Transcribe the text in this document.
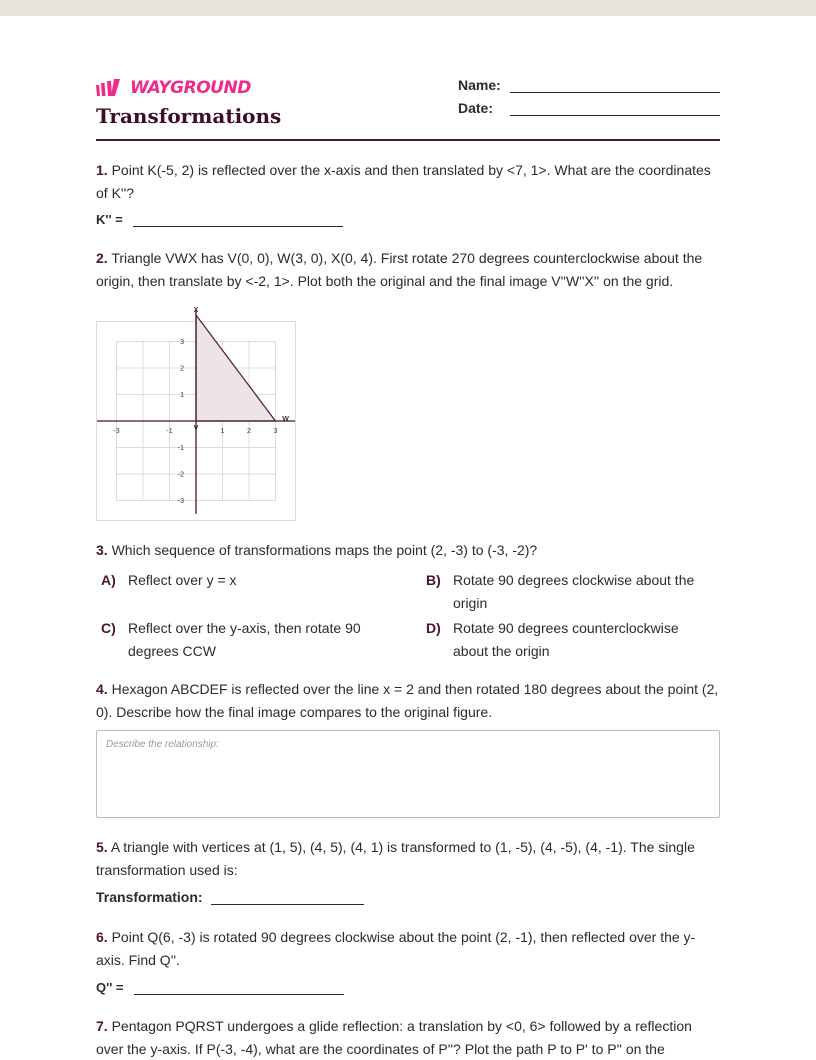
WAYGROUND
Transformations
Name:
Date:
1. Point K(-5, 2) is reflected over the x-axis and then translated by <7, 1>. What are the coordinates of K''?
K'' =
2. Triangle VWX has V(0, 0), W(3, 0), X(0, 4). First rotate 270 degrees counterclockwise about the origin, then translate by <-2, 1>. Plot both the original and the final image V''W''X'' on the grid.
-3	-1	1	2	3
3
2
1
-1
-2
-3
X
V
W
3. Which sequence of transformations maps the point (2, -3) to (-3, -2)?
A) Reflect over y = x	B) Rotate 90 degrees clockwise about the origin
C) Reflect over the y-axis, then rotate 90 degrees CCW
D) Rotate 90 degrees counterclockwise about the origin
4. Hexagon ABCDEF is reflected over the line x = 2 and then rotated 180 degrees about the point (2, 0). Describe how the final image compares to the original figure.
Describe the relationship:
5. A triangle with vertices at (1, 5), (4, 5), (4, 1) is transformed to (1, -5), (4, -5), (4, -1). The single transformation used is:
Transformation:
6. Point Q(6, -3) is rotated 90 degrees clockwise about the point (2, -1), then reflected over the y-axis. Find Q''.
Q'' =
7. Pentagon PQRST undergoes a glide reflection: a translation by <0, 6> followed by a reflection over the y-axis. If P(-3, -4), what are the coordinates of P''? Plot the path P to P' to P'' on the
